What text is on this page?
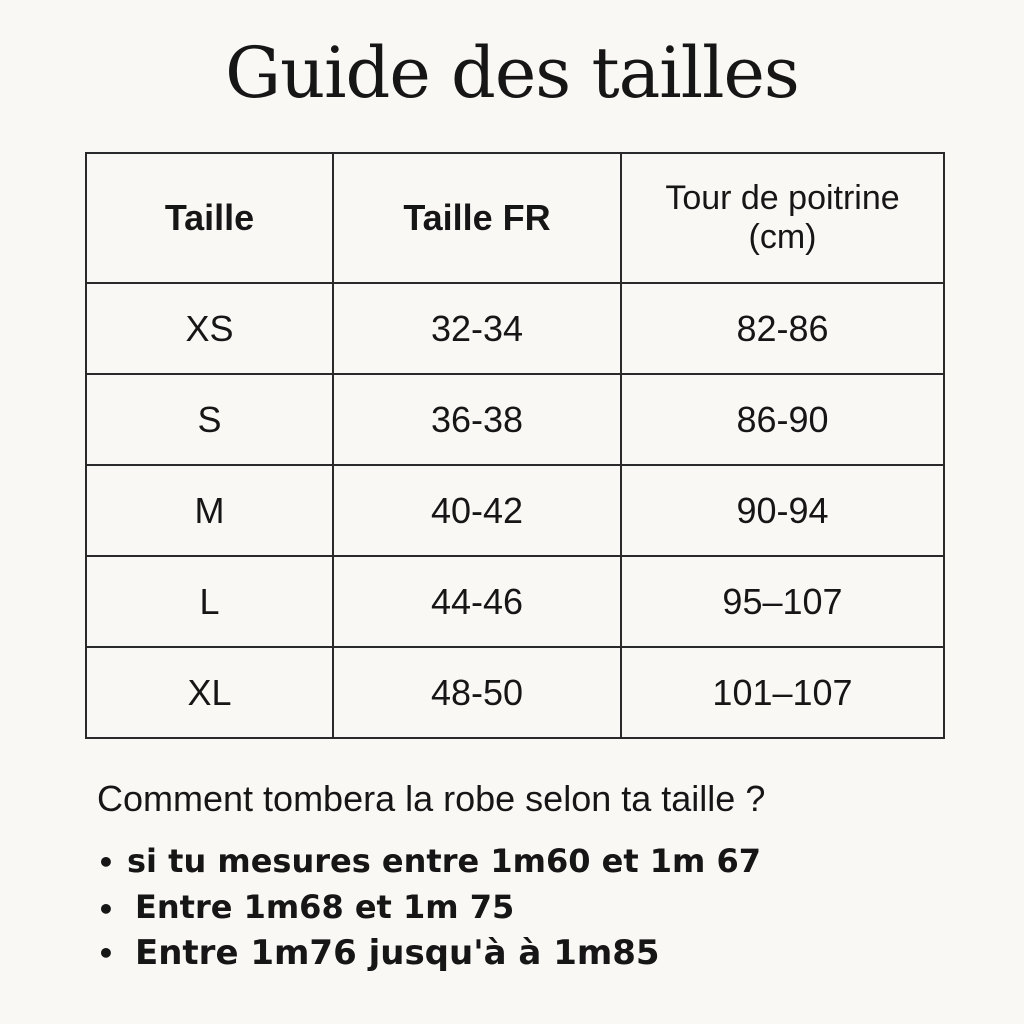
Guide des tailles
Taille	Taille FR	Tour de poitrine
(cm)
XS	32-34	82-86
S	36-38	86-90
M	40-42	90-94
L	44-46	95–107
XL	48-50	101–107

Comment tombera la robe selon ta taille ?

• si tu mesures entre 1m60 et 1m 67
• Entre 1m68 et 1m 75
• Entre 1m76 jusqu'à à 1m85
